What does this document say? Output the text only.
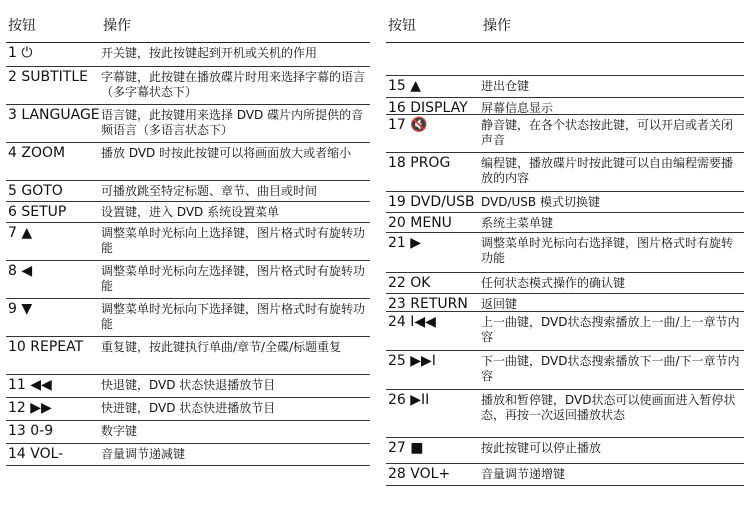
按钮	操作
1 ⏻	开关键，按此按键起到开机或关机的作用
2 SUBTITLE	字幕键，此按键在播放碟片时用来选择字幕的语言（多字幕状态下）
3 LANGUAGE 语言键，此按键用来选择 DVD 碟片内所提供的音频语言（多语言状态下）
4 ZOOM	播放 DVD 时按此按键可以将画面放大或者缩小
5 GOTO	可播放跳至特定标题、章节、曲目或时间
6 SETUP	设置键，进入 DVD 系统设置菜单
7 ▲	调整菜单时光标向上选择键，图片格式时有旋转功能
8 ◀	调整菜单时光标向左选择键，图片格式时有旋转功能
9 ▼	调整菜单时光标向下选择键，图片格式时有旋转功能
10 REPEAT	重复键，按此键执行单曲/章节/全碟/标题重复
11 ◀◀	快退键，DVD 状态快退播放节目
12 ▶▶	快进键，DVD 状态快进播放节目
13 0-9	数字键
14 VOL-	音量调节递减键
按钮	操作
15 ▲	进出仓键
16 DISPLAY	屏幕信息显示
17 🔇	静音键，在各个状态按此键，可以开启或者关闭声音
18 PROG	编程键，播放碟片时按此键可以自由编程需要播放的内容
19 DVD/USB DVD/USB 模式切换键
20 MENU	系统主菜单键
21 ▶	调整菜单时光标向右选择键，图片格式时有旋转功能
22 OK	任何状态模式操作的确认键
23 RETURN	返回键
24 I◀◀	上一曲键，DVD状态搜索播放上一曲/上一章节内容
25 ▶▶I	下一曲键，DVD状态搜索播放下一曲/下一章节内容
26 ▶II	播放和暂停键，DVD状态可以使画面进入暂停状态，再按一次返回播放状态
27 ■	按此按键可以停止播放
28 VOL+	音量调节递增键
